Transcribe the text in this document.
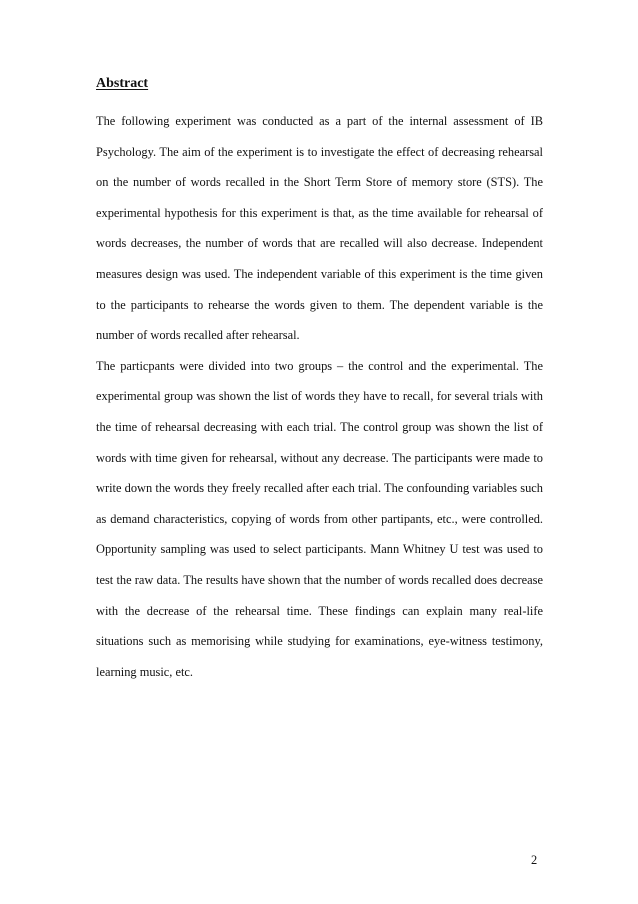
Abstract

The following experiment was conducted as a part of the internal assessment of IB Psychology. The aim of the experiment is to investigate the effect of decreasing rehearsal on the number of words recalled in the Short Term Store of memory store (STS). The experimental hypothesis for this experiment is that, as the time available for rehearsal of words decreases, the number of words that are recalled will also decrease. Independent measures design was used. The independent variable of this experiment is the time given to the participants to rehearse the words given to them. The dependent variable is the number of words recalled after rehearsal.

The particpants were divided into two groups – the control and the experimental. The experimental group was shown the list of words they have to recall, for several trials with the time of rehearsal decreasing with each trial. The control group was shown the list of words with time given for rehearsal, without any decrease. The participants were made to write down the words they freely recalled after each trial. The confounding variables such as demand characteristics, copying of words from other partipants, etc., were controlled. Opportunity sampling was used to select participants. Mann Whitney U test was used to test the raw data. The results have shown that the number of words recalled does decrease with the decrease of the rehearsal time. These findings can explain many real-life situations such as memorising while studying for examinations, eye-witness testimony, learning music, etc.

2
